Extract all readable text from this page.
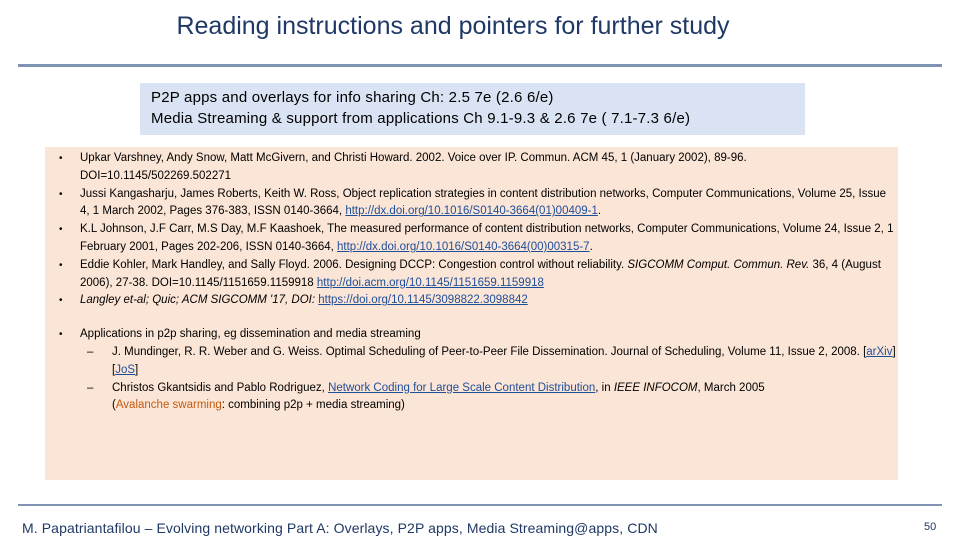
Reading instructions and pointers for further study
P2P apps and overlays for info sharing Ch: 2.5 7e (2.6 6/e)
Media Streaming & support from applications Ch 9.1-9.3 & 2.6 7e ( 7.1-7.3 6/e)
• Upkar Varshney, Andy Snow, Matt McGivern, and Christi Howard. 2002. Voice over IP. Commun. ACM 45, 1 (January 2002), 89-96. DOI=10.1145/502269.502271
• Jussi Kangasharju, James Roberts, Keith W. Ross, Object replication strategies in content distribution networks, Computer Communications, Volume 25, Issue 4, 1 March 2002, Pages 376-383, ISSN 0140-3664, http://dx.doi.org/10.1016/S0140-3664(01)00409-1.
• K.L Johnson, J.F Carr, M.S Day, M.F Kaashoek, The measured performance of content distribution networks, Computer Communications, Volume 24, Issue 2, 1 February 2001, Pages 202-206, ISSN 0140-3664, http://dx.doi.org/10.1016/S0140-3664(00)00315-7.
• Eddie Kohler, Mark Handley, and Sally Floyd. 2006. Designing DCCP: Congestion control without reliability. SIGCOMM Comput. Commun. Rev. 36, 4 (August 2006), 27-38. DOI=10.1145/1151659.1159918 http://doi.acm.org/10.1145/1151659.1159918
• Langley et-al; Quic; ACM SIGCOMM '17, DOI: https://doi.org/10.1145/3098822.3098842
• Applications in p2p sharing, eg dissemination and media streaming
– J. Mundinger, R. R. Weber and G. Weiss. Optimal Scheduling of Peer-to-Peer File Dissemination. Journal of Scheduling, Volume 11, Issue 2, 2008. [arXiv] [JoS]
– Christos Gkantsidis and Pablo Rodriguez, Network Coding for Large Scale Content Distribution, in IEEE INFOCOM, March 2005
(Avalanche swarming: combining p2p + media streaming)
M. Papatriantafilou – Evolving networking Part A: Overlays, P2P apps, Media Streaming@apps, CDN	50
